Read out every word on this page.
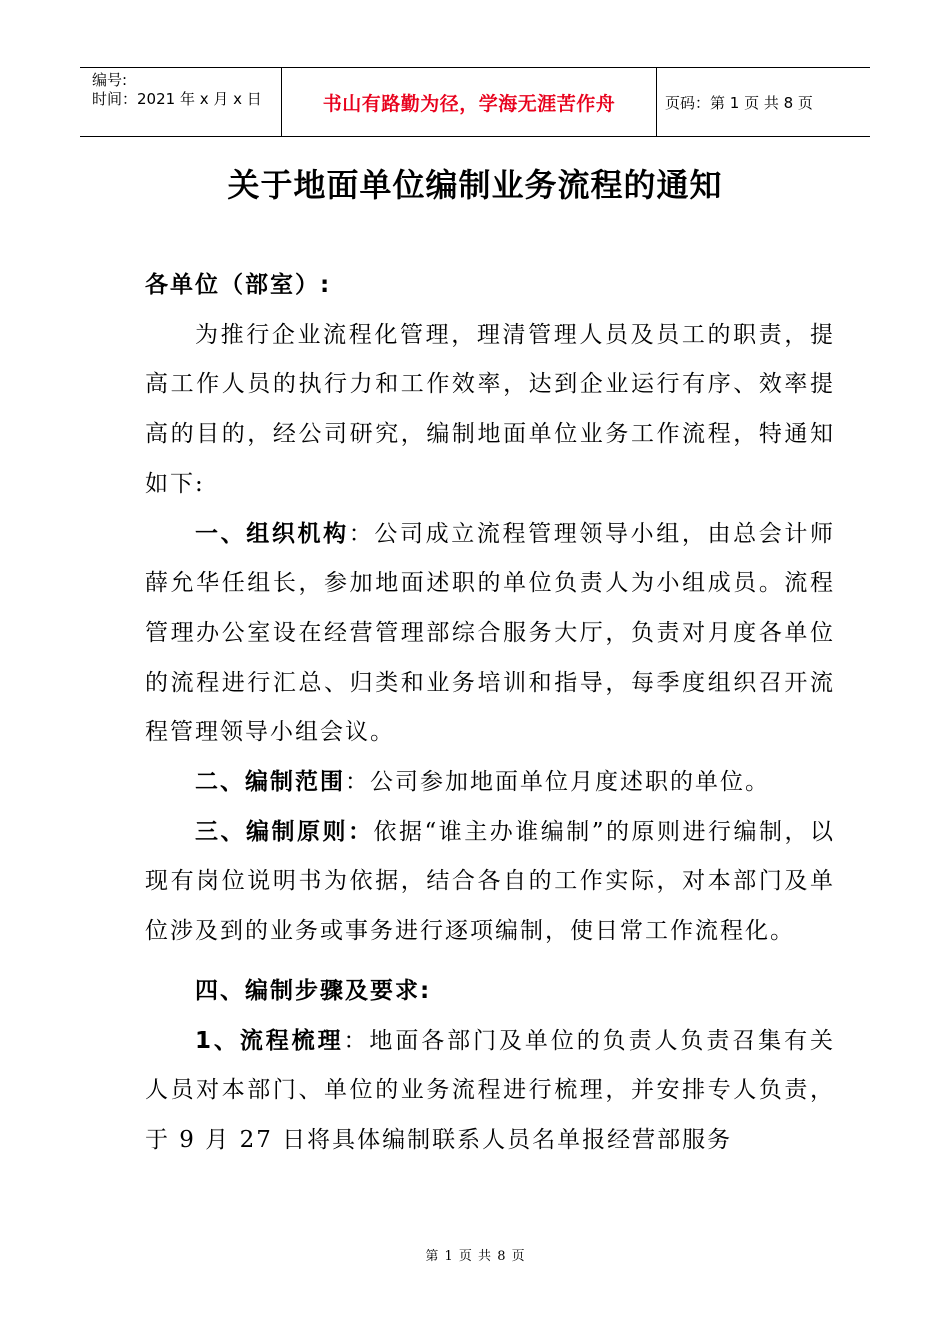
编号:
时间：2021 年 x 月 x 日	书山有路勤为径，学海无涯苦作舟	页码：第 1 页 共 8 页
关于地面单位编制业务流程的通知

各单位（部室）:

为推行企业流程化管理，理清管理人员及员工的职责，提高工作人员的执行力和工作效率，达到企业运行有序、效率提高的目的，经公司研究，编制地面单位业务工作流程，特通知如下:

一、组织机构：公司成立流程管理领导小组，由总会计师薛允华任组长，参加地面述职的单位负责人为小组成员。流程管理办公室设在经营管理部综合服务大厅，负责对月度各单位的流程进行汇总、归类和业务培训和指导，每季度组织召开流程管理领导小组会议。

二、编制范围：公司参加地面单位月度述职的单位。

三、编制原则：依据“谁主办谁编制”的原则进行编制，以现有岗位说明书为依据，结合各自的工作实际，对本部门及单位涉及到的业务或事务进行逐项编制，使日常工作流程化。

四、编制步骤及要求:

1、流程梳理：地面各部门及单位的负责人负责召集有关人员对本部门、单位的业务流程进行梳理，并安排专人负责，于 9 月 27 日将具体编制联系人员名单报经营部服务

第 1 页 共 8 页
